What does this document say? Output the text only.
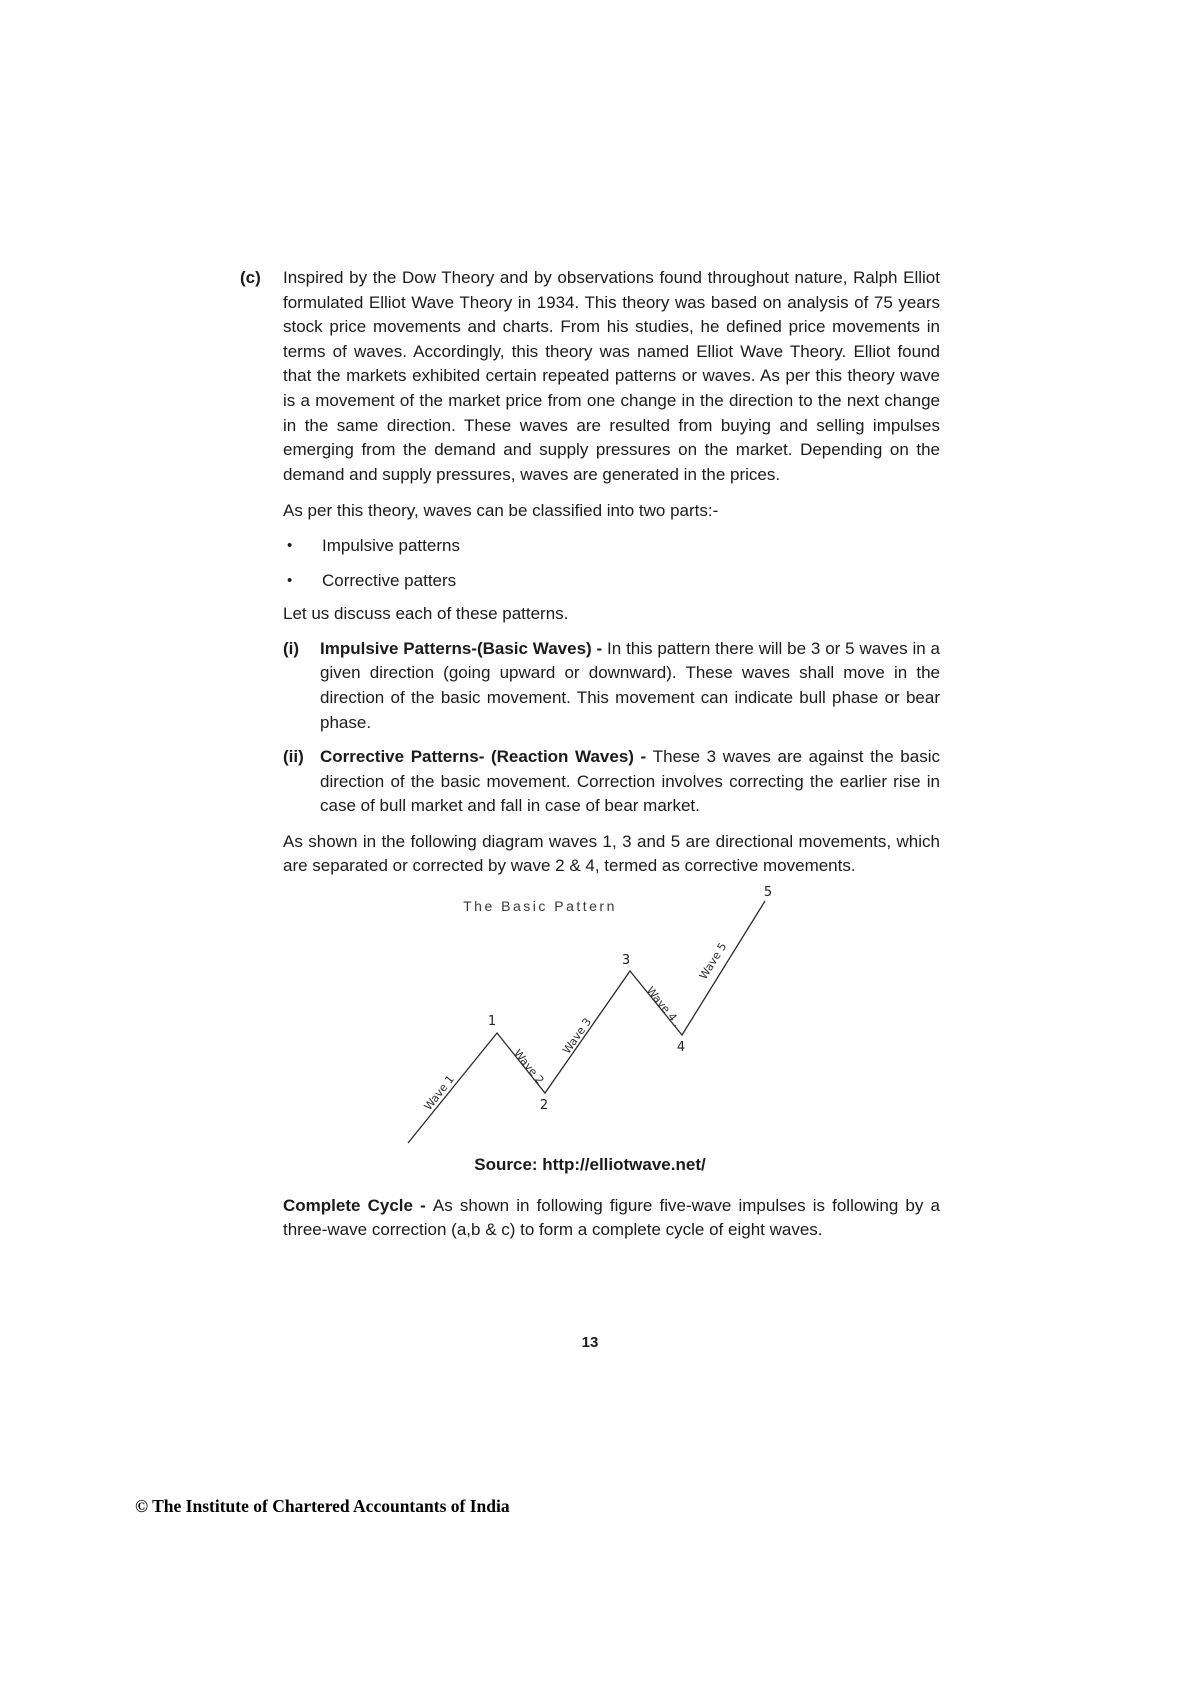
(c)	Inspired by the Dow Theory and by observations found throughout nature, Ralph Elliot formulated Elliot Wave Theory in 1934. This theory was based on analysis of 75 years stock price movements and charts. From his studies, he defined price movements in terms of waves. Accordingly, this theory was named Elliot Wave Theory. Elliot found that the markets exhibited certain repeated patterns or waves. As per this theory wave is a movement of the market price from one change in the direction to the next change in the same direction. These waves are resulted from buying and selling impulses emerging from the demand and supply pressures on the market. Depending on the demand and supply pressures, waves are generated in the prices.
As per this theory, waves can be classified into two parts:-
•	Impulsive patterns
•	Corrective patters
Let us discuss each of these patterns.
(i)	Impulsive Patterns-(Basic Waves) - In this pattern there will be 3 or 5 waves in a given direction (going upward or downward). These waves shall move in the direction of the basic movement. This movement can indicate bull phase or bear phase.
(ii) Corrective Patterns- (Reaction Waves) - These 3 waves are against the basic direction of the basic movement. Correction involves correcting the earlier rise in case of bull market and fall in case of bear market.
As shown in the following diagram waves 1, 3 and 5 are directional movements, which are separated or corrected by wave 2 & 4, termed as corrective movements.
The Basic Pattern
1
2
3
4
5
Wave 1
Wave 2
Wave 3
Wave 4 .
Wave 5
Source: http://elliotwave.net/
Complete Cycle - As shown in following figure five-wave impulses is following by a three-wave correction (a,b & c) to form a complete cycle of eight waves.
13
© The Institute of Chartered Accountants of India
